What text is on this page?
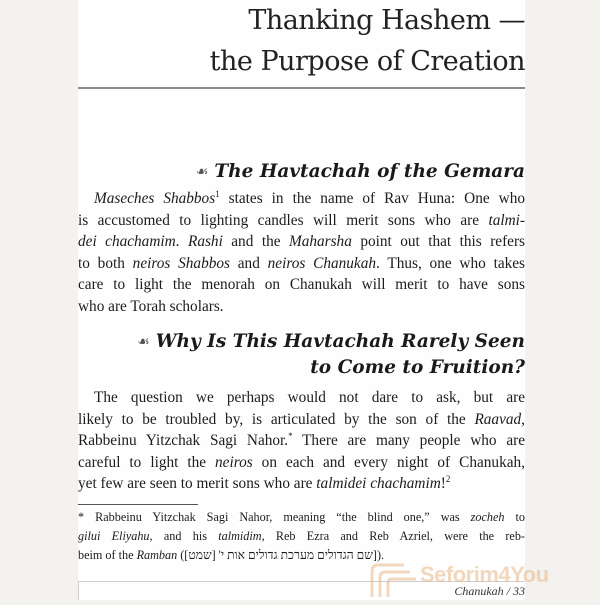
Thanking Hashem —
the Purpose of Creation
☙ The Havtachah of the Gemara
Maseches Shabbos$^1$ states in the name of Rav Huna: One who
is accustomed to lighting candles will merit sons who are talmi-
dei chachamim. Rashi and the Maharsha point out that this refers
to both neiros Shabbos and neiros Chanukah. Thus, one who takes
care to light the menorah on Chanukah will merit to have sons
who are Torah scholars.
☙ Why Is This Havtachah Rarely Seen
to Come to Fruition?
The question we perhaps would not dare to ask, but are
likely to be troubled by, is articulated by the son of the Raavad,
Rabbeinu Yitzchak Sagi Nahor.* There are many people who are
careful to light the neiros on each and every night of Chanukah,
yet few are seen to merit sons who are talmidei chachamim!$^2$
* Rabbeinu Yitzchak Sagi Nahor, meaning “the blind one,” was zocheh to
gilui Eliyahu, and his talmidim, Reb Ezra and Reb Azriel, were the reb-
beim of the Ramban ([שם הגדולים מערכת גדולים אות י' [שמט]).
Chanukah / 33
Seforim4You
